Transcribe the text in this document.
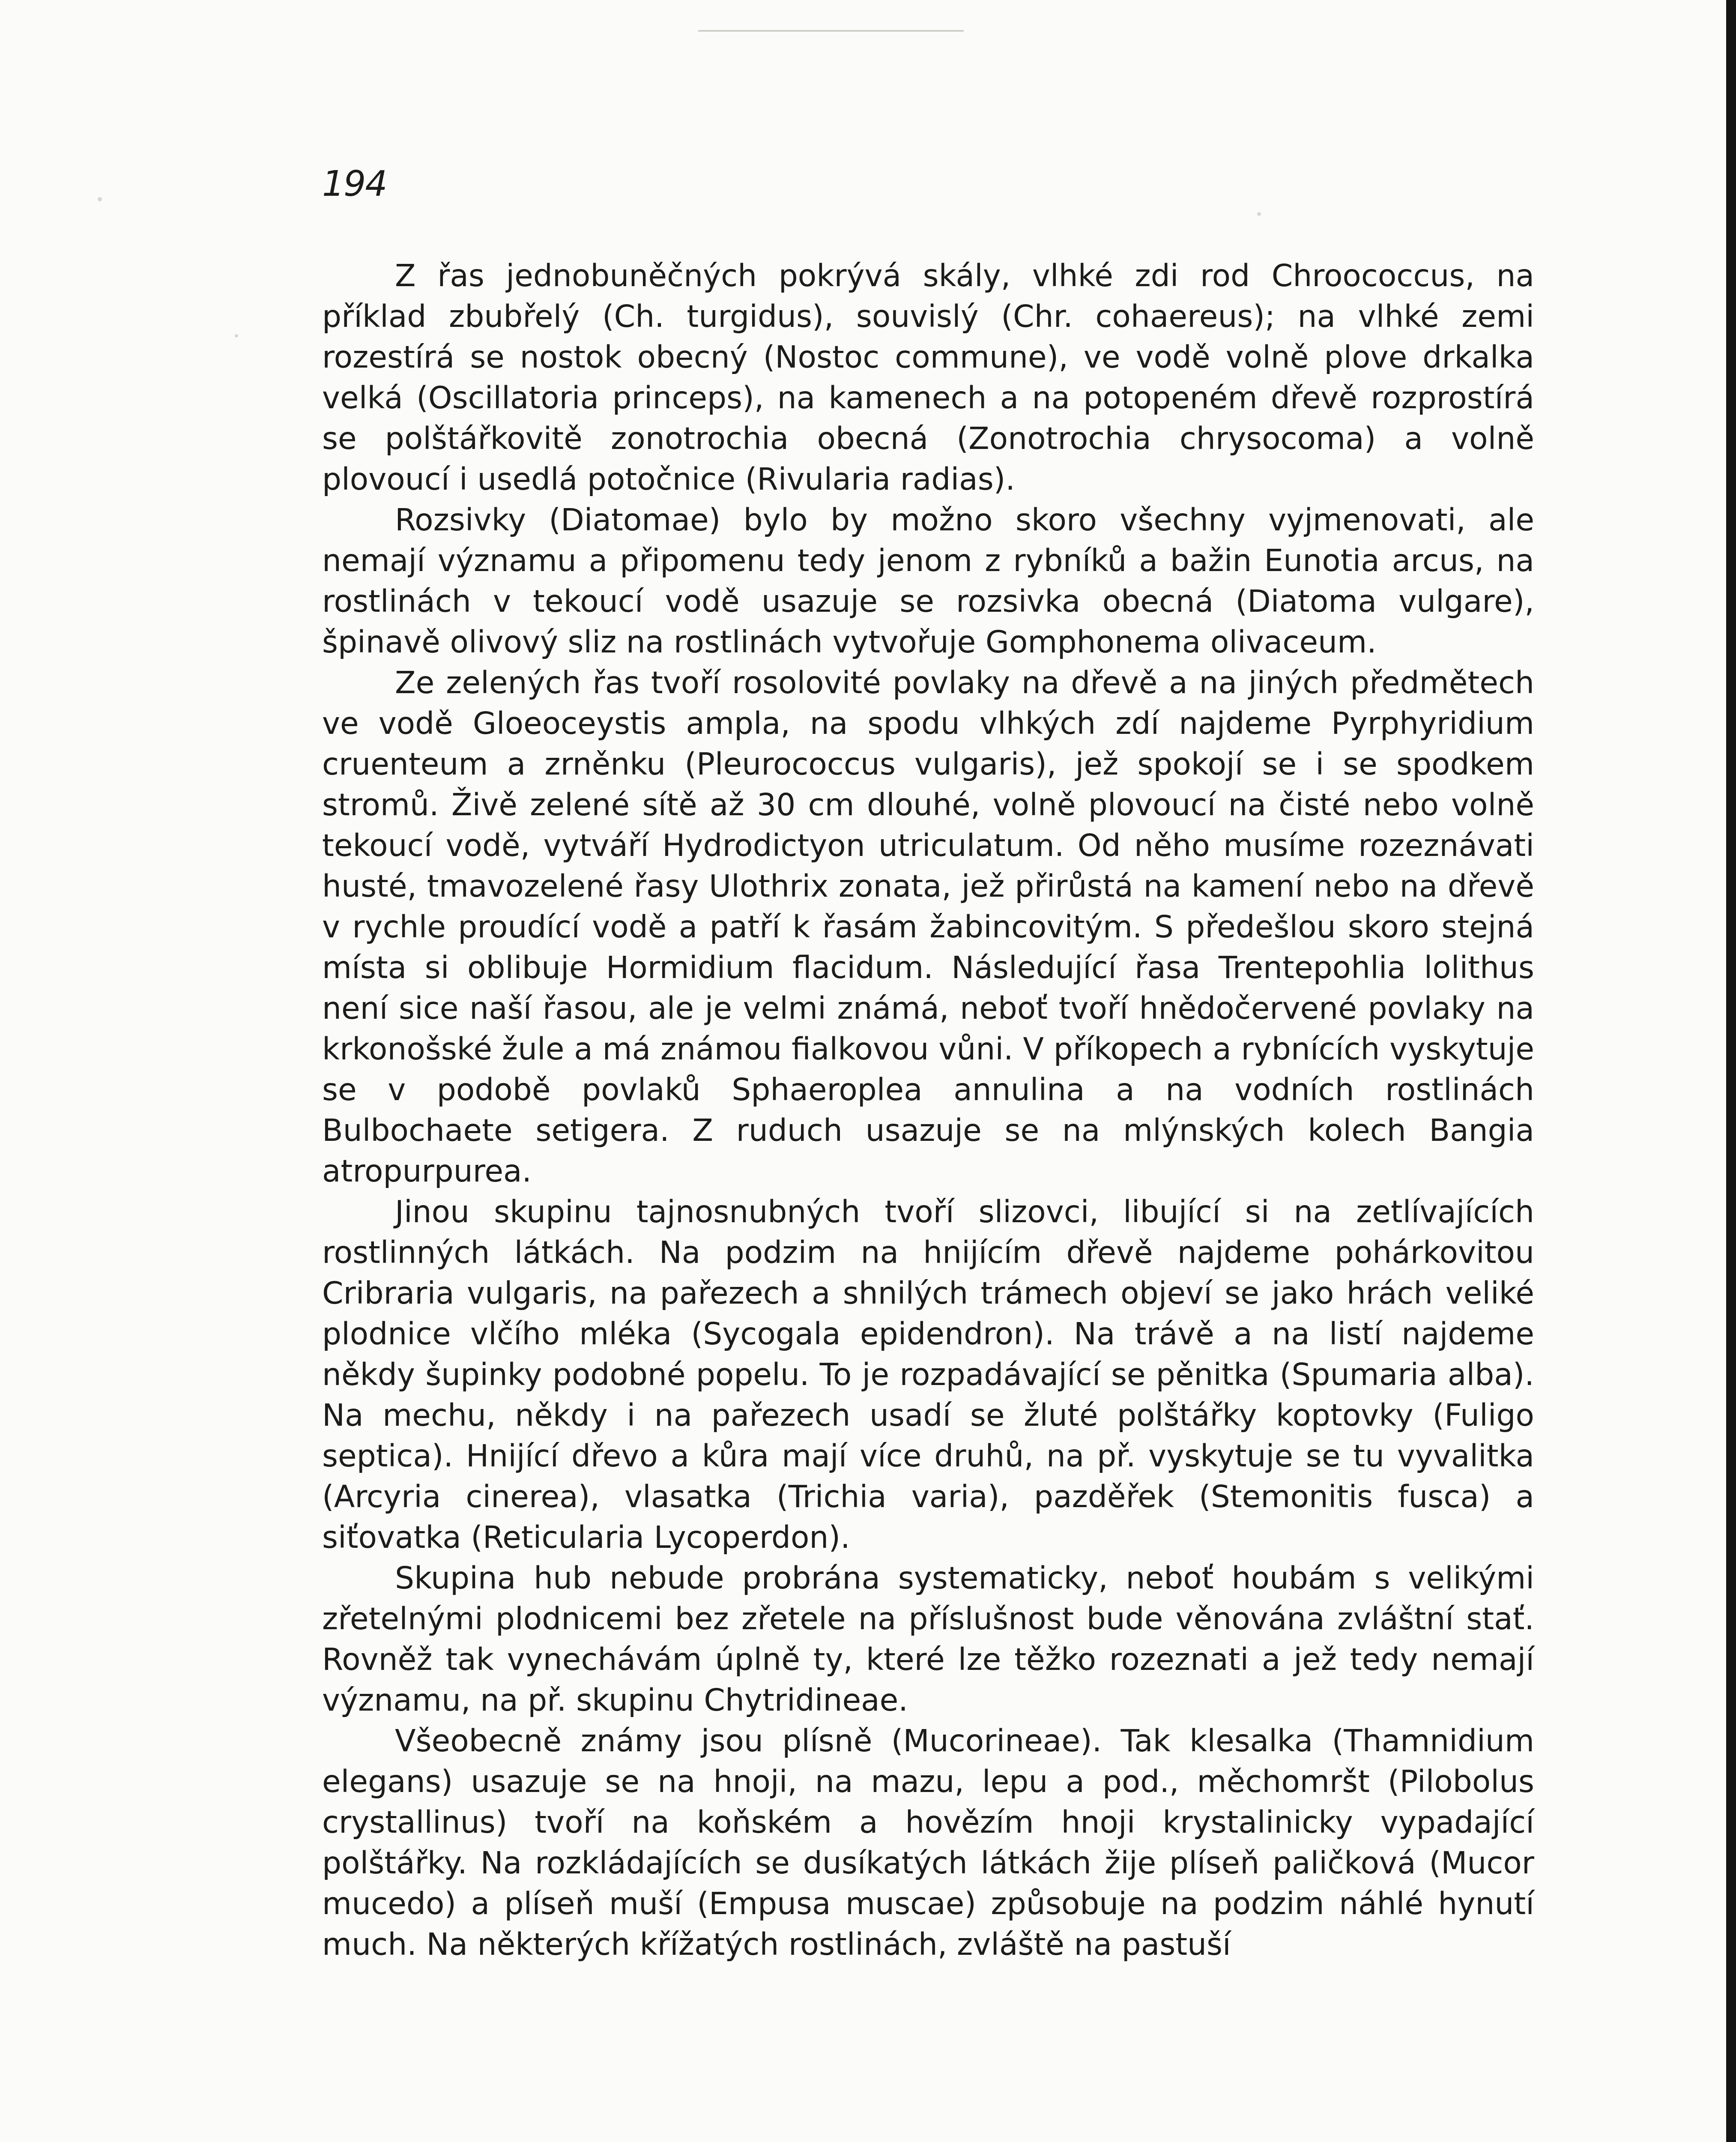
194

Z řas jednobuněčných pokrývá skály, vlhké zdi rod Chroococcus, na příklad zbubřelý (Ch. turgidus), souvislý (Chr. cohaereus); na vlhké zemi rozestírá se nostok obecný (Nostoc commune), ve vodě volně plove drkalka velká (Oscillatoria princeps), na kamenech a na potopeném dřevě rozprostírá se polštářkovitě zonotrochia obecná (Zonotrochia chrysocoma) a volně plovoucí i usedlá potočnice (Rivularia radias).

Rozsivky (Diatomae) bylo by možno skoro všechny vyjmenovati, ale nemají významu a připomenu tedy jenom z rybníků a bažin Eunotia arcus, na rostlinách v tekoucí vodě usazuje se rozsivka obecná (Diatoma vulgare), špinavě olivový sliz na rostlinách vytvořuje Gomphonema olivaceum.

Ze zelených řas tvoří rosolovité povlaky na dřevě a na jiných předmětech ve vodě Gloeoceystis ampla, na spodu vlhkých zdí najdeme Pyrphyridium cruenteum a zrněnku (Pleurococcus vulgaris), jež spokojí se i se spodkem stromů. Živě zelené sítě až 30 cm dlouhé, volně plovoucí na čisté nebo volně tekoucí vodě, vytváří Hydrodictyon utriculatum. Od něho musíme rozeznávati husté, tmavozelené řasy Ulothrix zonata, jež přirůstá na kamení nebo na dřevě v rychle proudící vodě a patří k řasám žabincovitým. S předešlou skoro stejná místa si oblibuje Hormidium flacidum. Následující řasa Trentepohlia lolithus není sice naší řasou, ale je velmi známá, neboť tvoří hnědočervené povlaky na krkonošské žule a má známou fialkovou vůni. V příkopech a rybnících vyskytuje se v podobě povlaků Sphaeroplea annulina a na vodních rostlinách Bulbochaete setigera. Z ruduch usazuje se na mlýnských kolech Bangia atropurpurea.

Jinou skupinu tajnosnubných tvoří slizovci, libující si na zetlívajících rostlinných látkách. Na podzim na hnijícím dřevě najdeme pohárkovitou Cribraria vulgaris, na pařezech a shnilých trámech objeví se jako hrách veliké plodnice vlčího mléka (Sycogala epidendron). Na trávě a na listí najdeme někdy šupinky podobné popelu. To je rozpadávající se pěnitka (Spumaria alba). Na mechu, někdy i na pařezech usadí se žluté polštářky koptovky (Fuligo septica). Hnijící dřevo a kůra mají více druhů, na př. vyskytuje se tu vyvalitka (Arcyria cinerea), vlasatka (Trichia varia), pazděřek (Stemonitis fusca) a siťovatka (Reticularia Lycoperdon).

Skupina hub nebude probrána systematicky, neboť houbám s velikými zřetelnými plodnicemi bez zřetele na příslušnost bude věnována zvláštní stať. Rovněž tak vynechávám úplně ty, které lze těžko rozeznati a jež tedy nemají významu, na př. skupinu Chytridineae.

Všeobecně známy jsou plísně (Mucorineae). Tak klesalka (Thamnidium elegans) usazuje se na hnoji, na mazu, lepu a pod., měchomršt (Pilobolus crystallinus) tvoří na koňském a hovězím hnoji krystalinicky vypadající polštářky. Na rozkládajících se dusíkatých látkách žije plíseň paličková (Mucor mucedo) a plíseň muší (Empusa muscae) způsobuje na podzim náhlé hynutí much. Na některých křížatých rostlinách, zvláště na pastuší
